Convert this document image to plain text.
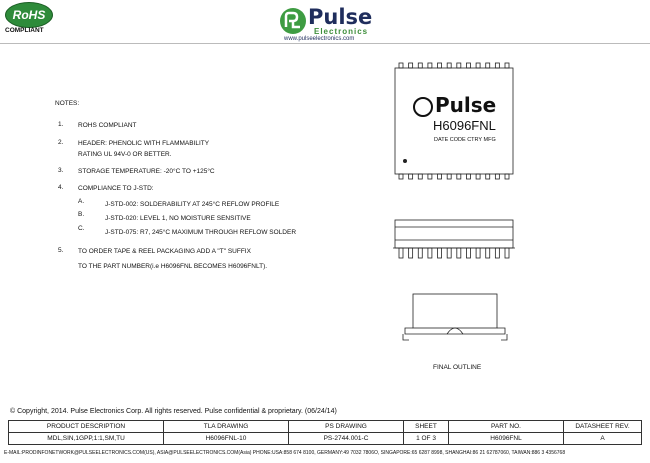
RoHS
COMPLIANT
Pulse
Electronics
www.pulseelectronics.com
NOTES:
1. ROHS COMPLIANT
2. HEADER: PHENOLIC WITH FLAMMABILITY
RATING UL 94V-0 OR BETTER.
3. STORAGE TEMPERATURE: -20°C TO +125°C
4. COMPLIANCE TO J-STD:
A.	J-STD-002: SOLDERABILITY AT 245°C REFLOW PROFILE
B.
J-STD-020: LEVEL 1, NO MOISTURE SENSITIVE
C.
J-STD-075: R7, 245°C MAXIMUM THROUGH REFLOW SOLDER
5. TO ORDER TAPE & REEL PACKAGING ADD A "T" SUFFIX
TO THE PART NUMBER(i.e H6096FNL BECOMES H6096FNLT).
Pulse
H6096FNL
DATE CODE CTRY MFG
FINAL OUTLINE
© Copyright, 2014. Pulse Electronics Corp. All rights reserved. Pulse confidential & proprietary. (06/24/14)
PRODUCT DESCRIPTION	TLA DRAWING	PS DRAWING	SHEET	PART NO.	DATASHEET REV.
MDL,SIN,1GPP,1:1,SM,TU	H6096FNL-10	PS-2744.001-C	1 OF 3	H6096FNL	A
E-MAIL:PRODINFONETWORK@PULSEELECTRONICS.COM(US), ASIA@PULSEELECTRONICS.COM(Asia) PHONE:USA:858 674 8100, GERMANY:49 7032 7806O, SINGAPORE:65 6287 8998, SHANGHAI:86 21 62787060, TAIWAN:886 3 4356768
